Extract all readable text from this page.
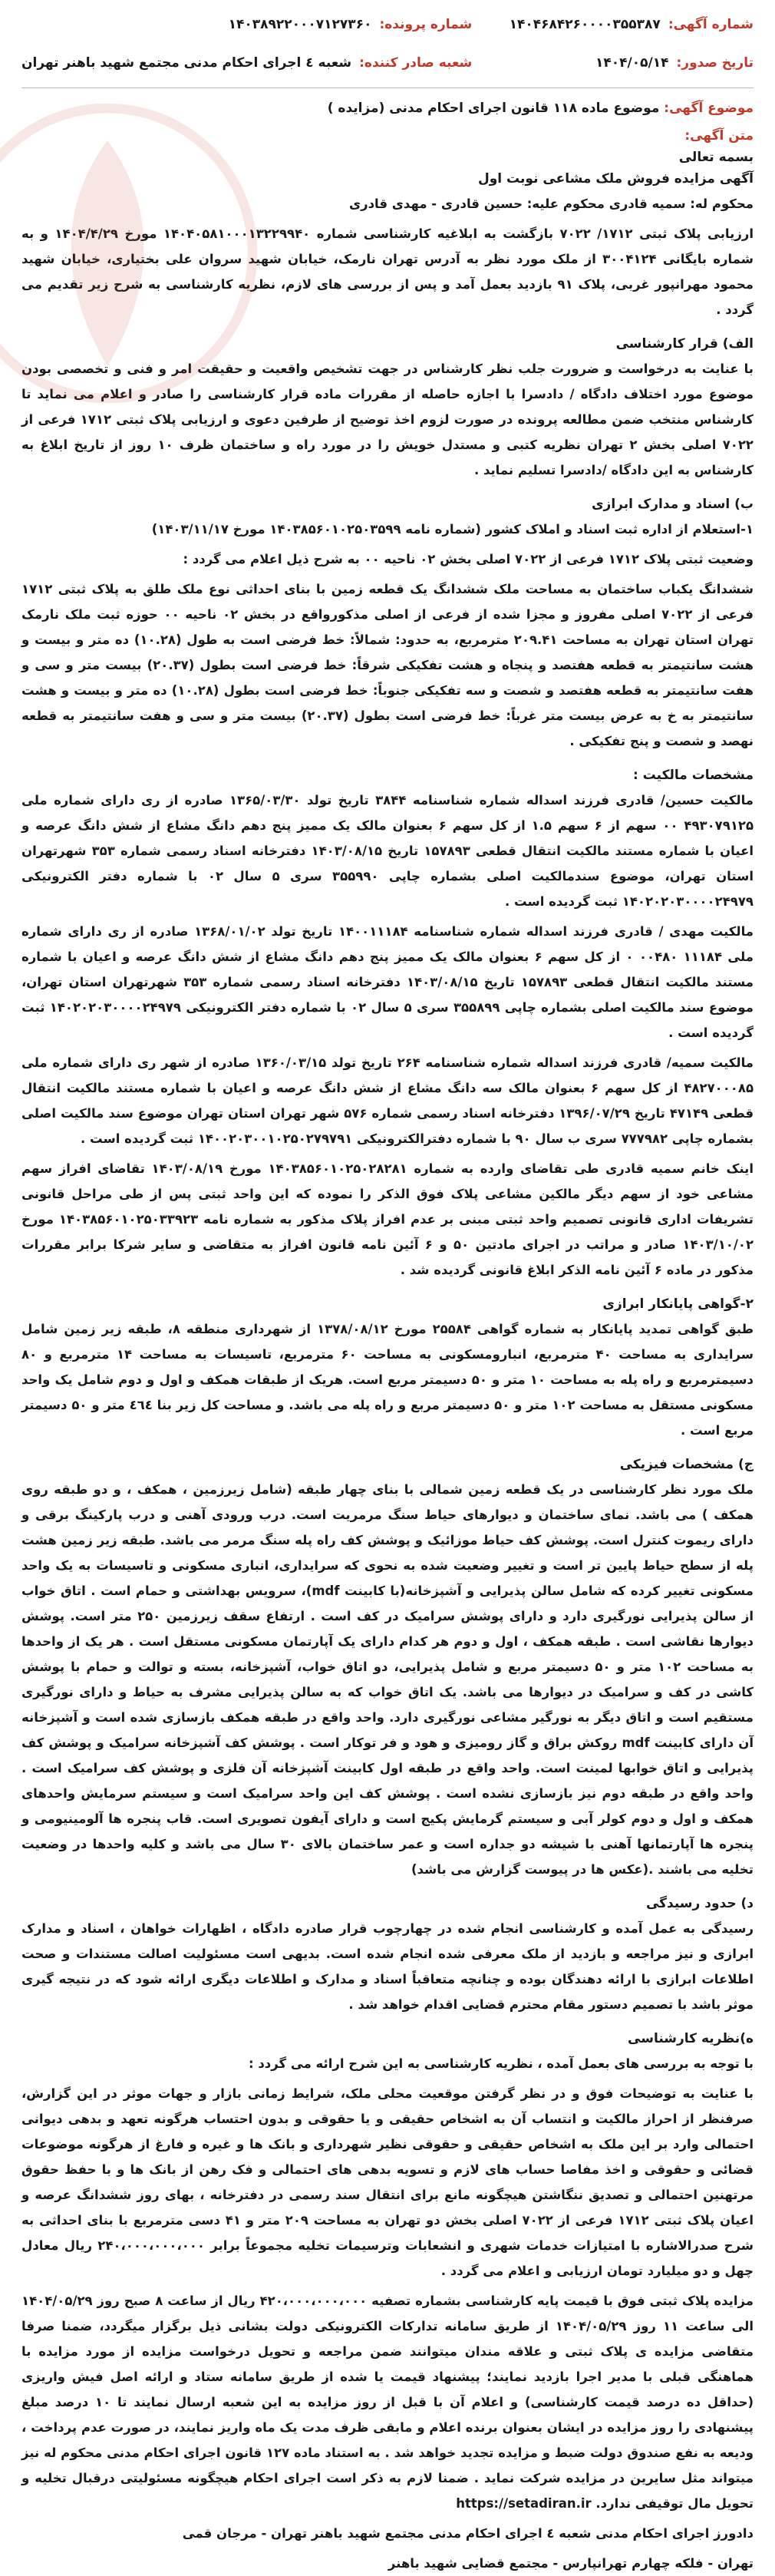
شماره آگهی:
۱۴۰۴۶۸۴۲۶۰۰۰۰۳۵۵۳۸۷
تاریخ صدور:
۱۴۰۴/۰۵/۱۴
شماره پرونده:
۱۴۰۳۸۹۲۲۰۰۰۷۱۲۷۳۶۰
شعبه صادر کننده:
شعبه ٤ اجرای احکام مدنی مجتمع شهید باهنر تهران
موضوع آگهی: موضوع ماده ۱۱۸ قانون اجرای احکام مدنی (مزایده )
متن آگهی:
بسمه تعالی
آگهی مزایده فروش ملک مشاعی نوبت اول
محکوم له: سمیه قادری محکوم علیه: حسین قادری - مهدی قادری

ارزیابی پلاک ثبتی ۱۷۱۲/ ۷۰۲۲ بازگشت به ابلاغیه کارشناسی شماره ۱۴۰۴۰۵۸۱۰۰۰۱۳۲۲۹۹۴۰ مورخ ۱۴۰۴/۴/۲۹ و به شماره بایگانی ۳۰۰۴۱۲۴ از ملک مورد نظر به آدرس تهران نارمک، خیابان شهید سروان علی بختیاری، خیابان شهید محمود مهرانپور غربی، پلاک ۹۱ بازدید بعمل آمد و پس از بررسی های لازم، نظریه کارشناسی به شرح زیر تقدیم می گردد .

الف) قرار کارشناسی

با عنایت به درخواست و ضرورت جلب نظر کارشناس در جهت تشخیص واقعیت و حقیقت امر و فنی و تخصصی بودن موضوع مورد اختلاف دادگاه / دادسرا با اجازه حاصله از مقررات ماده قرار کارشناسی را صادر و اعلام می نماید تا کارشناس منتخب ضمن مطالعه پرونده در صورت لزوم اخذ توضیح از طرفین دعوی و ارزیابی پلاک ثبتی ۱۷۱۲ فرعی از ۷۰۲۲ اصلی بخش ۲ تهران نظریه کتبی و مستدل خویش را در مورد راه و ساختمان ظرف ۱۰ روز از تاریخ ابلاغ به کارشناس به این دادگاه /دادسرا تسلیم نماید .

ب) اسناد و مدارک ابرازی

۱-استعلام از اداره ثبت اسناد و املاک کشور (شماره نامه ۱۴۰۳۸۵۶۰۱۰۲۵۰۳۵۹۹ مورخ ۱۴۰۳/۱۱/۱۷)

وضعیت ثبتی پلاک ۱۷۱۲ فرعی از ۷۰۲۲ اصلی بخش ۰۲ ناحیه ۰۰ به شرح ذیل اعلام می گردد :

ششدانگ یکباب ساختمان به مساحت ملک ششدانگ یک قطعه زمین با بنای احداثی نوع ملک طلق به پلاک ثبتی ۱۷۱۲ فرعی از ۷۰۲۲ اصلی مفروز و مجزا شده از فرعی از اصلی مذکورواقع در بخش ۰۲ ناحیه ۰۰ حوزه ثبت ملک نارمک تهران استان تهران به مساحت ۲۰۹.۴۱ مترمربع، به حدود: شمالاً: خط فرضی است به طول (۱۰.۲۸) ده متر و بیست و هشت سانتیمتر به قطعه هفتصد و پنجاه و هشت تفکیکی شرقاً: خط فرضی است بطول (۲۰.۳۷) بیست متر و سی و هفت سانتیمتر به قطعه هفتصد و شصت و سه تفکیکی جنوباً: خط فرضی است بطول (۱۰.۲۸) ده متر و بیست و هشت سانتیمتر به خ به عرض بیست متر غرباً: خط فرضی است بطول (۲۰.۳۷) بیست متر و سی و هفت سانتیمتر به قطعه نهصد و شصت و پنج تفکیکی .

مشخصات مالکیت :

مالکیت حسین/ قادری فرزند اسداله شماره شناسنامه ۳۸۴۴ تاریخ تولد ۱۳۶۵/۰۳/۳۰ صادره از ری دارای شماره ملی ۴۹۳۰۷۹۱۲۵ ۰۰ سهم از ۶ سهم ۱.۵ از کل سهم ۶ بعنوان مالک یک ممیز پنج دهم دانگ مشاع از شش دانگ عرصه و اعیان با شماره مستند مالکیت انتقال قطعی ۱۵۷۸۹۳ تاریخ ۱۴۰۳/۰۸/۱۵ دفترخانه اسناد رسمی شماره ۳۵۳ شهرتهران استان تهران، موضوع سندمالکیت اصلی بشماره چاپی ۳۵۵۹۹۰ سری ۵ سال ۰۲ با شماره دفتر الکترونیکی ۱۴۰۲۰۲۰۳۰۰۰۰۲۴۹۷۹ ثبت گردیده است .

مالکیت مهدی / قادری فرزند اسداله شماره شناسنامه ۱۴۰۰۱۱۱۸۴ تاریخ تولد ۱۳۶۸/۰۱/۰۲ صادره از ری دارای شماره ملی ۱۱۱۸۴ ۰۰۴۸۰ ۰ از کل سهم ۶ بعنوان مالک یک ممیز پنج دهم دانگ مشاع از شش دانگ عرصه و اعیان با شماره مستند مالکیت انتقال قطعی ۱۵۷۸۹۳ تاریخ ۱۴۰۳/۰۸/۱۵ دفترخانه اسناد رسمی شماره ۳۵۳ شهرتهران استان تهران، موضوع سند مالکیت اصلی بشماره چاپی ۳۵۵۸۹۹ سری ۵ سال ۰۲ با شماره دفتر الکترونیکی ۱۴۰۲۰۲۰۳۰۰۰۰۲۴۹۷۹ ثبت گردیده است .

مالکیت سمیه/ قادری فرزند اسداله شماره شناسنامه ۲۶۴ تاریخ تولد ۱۳۶۰/۰۳/۱۵ صادره از شهر ری دارای شماره ملی ۴۸۲۷۰۰۰۸۵ از کل سهم ۶ بعنوان مالک سه دانگ مشاع از شش دانگ عرصه و اعیان با شماره مستند مالکیت انتقال قطعی ۴۷۱۴۹ تاریخ ۱۳۹۶/۰۷/۲۹ دفترخانه اسناد رسمی شماره ۵۷۶ شهر تهران استان تهران موضوع سند مالکیت اصلی بشماره چاپی ۷۷۷۹۸۲ سری ب سال ۹۰ با شماره دفترالکترونیکی ۱۴۰۰۲۰۳۰۰۱۰۲۵۰۲۷۹۷۹۱ ثبت گردیده است .

اینک خانم سمیه قادری طی تقاضای وارده به شماره ۱۴۰۳۸۵۶۰۱۰۲۵۰۲۸۲۸۱ مورخ ۱۴۰۳/۰۸/۱۹ تقاضای افراز سهم مشاعی خود از سهم دیگر مالکین مشاعی پلاک فوق الذکر را نموده که این واحد ثبتی پس از طی مراحل قانونی تشریفات اداری قانونی تصمیم واحد ثبتی مبنی بر عدم افراز پلاک مذکور به شماره نامه ۱۴۰۳۸۵۶۰۱۰۲۵۰۳۳۹۲۳ مورخ ۱۴۰۳/۱۰/۰۲ صادر و مراتب در اجرای مادتین ۵۰ و ۶ آئین نامه قانون افراز به متقاضی و سایر شرکا برابر مقررات مذکور در ماده ۶ آئین نامه الذکر ابلاغ قانونی گردیده شد .

۲-گواهی پایانکار ابرازی

طبق گواهی تمدید پایانکار به شماره گواهی ۲۵۵۸۴ مورخ ۱۳۷۸/۰۸/۱۲ از شهرداری منطقه ۸، طبقه زیر زمین شامل سرایداری به مساحت ۴۰ مترمربع، انبارومسکونی به مساحت ۶۰ مترمربع، تاسیسات به مساحت ۱۴ مترمربع و ۸۰ دسیمترمربع و راه پله به مساحت ۱۰ متر و ۵۰ دسیمتر مربع است. هریک از طبقات همکف و اول و دوم شامل یک واحد مسکونی مستقل به مساحت ۱۰۲ متر و ۵۰ دسیمتر مربع و راه پله می باشد. و مساحت کل زیر بنا ٤٦٤ متر و ۵۰ دسیمتر مربع است .

ج) مشخصات فیزیکی

ملک مورد نظر کارشناسی در یک قطعه زمین شمالی با بنای چهار طبقه (شامل زیرزمین ، همکف ، و دو طبقه روی همکف ) می باشد. نمای ساختمان و دیوارهای حیاط سنگ مرمریت است. درب ورودی آهنی و درب پارکینگ برقی و دارای ریموت کنترل است. پوشش کف حیاط موزائیک و پوشش کف راه پله سنگ مرمر می باشد. طبقه زیر زمین هشت پله از سطح حیاط پایین تر است و تغییر وضعیت شده به نحوی که سرایداری، انباری مسکونی و تاسیسات به یک واحد مسکونی تغییر کرده که شامل سالن پذیرایی و آشپزخانه(با کابینت mdf)، سرویس بهداشتی و حمام است . اتاق خواب از سالن پذیرایی نورگیری دارد و دارای پوشش سرامیک در کف است . ارتفاع سقف زیرزمین ۲۵۰ متر است. پوشش دیوارها نقاشی است . طبقه همکف ، اول و دوم هر کدام دارای یک آپارتمان مسکونی مستقل است . هر یک از واحدها به مساحت ۱۰۲ متر و ۵۰ دسیمتر مربع و شامل پذیرایی، دو اتاق خواب، آشپزخانه، بسته و توالت و حمام با پوشش کاشی در کف و سرامیک در دیوارها می باشد. یک اتاق خواب که به سالن پذیرایی مشرف به حیاط و دارای نورگیری مستقیم است و اتاق دیگر به نورگیر مشاعی نورگیری دارد. واحد واقع در طبقه همکف بازسازی شده است و آشپزخانه آن دارای کابینت mdf روکش براق و گاز رومیزی و هود و فر توکار است . پوشش کف آشپزخانه سرامیک و پوشش کف پذیرایی و اتاق خوابها لمینت است. واحد واقع در طبقه اول کابینت آشپزخانه آن فلزی و پوشش کف سرامیک است . واحد واقع در طبقه دوم نیز بازسازی نشده است . پوشش کف این واحد سرامیک است و سیستم سرمایش واحدهای همکف و اول و دوم کولر آبی و سیستم گرمایش پکیج است و دارای آیفون تصویری است. قاب پنجره ها آلومینیومی و پنجره ها آپارتمانها آهنی با شیشه دو جداره است و عمر ساختمان بالای ۳۰ سال می باشد و کلیه واحدها در وضعیت تخلیه می باشند .(عکس ها در پیوست گزارش می باشد)

د) حدود رسیدگی

رسیدگی به عمل آمده و کارشناسی انجام شده در چهارچوب قرار صادره دادگاه ، اظهارات خواهان ، اسناد و مدارک ابرازی و نیز مراجعه و بازدید از ملک معرفی شده انجام شده است. بدیهی است مسئولیت اصالت مستندات و صحت اطلاعات ابرازی با ارائه دهندگان بوده و چنانچه متعاقباً اسناد و مدارک و اطلاعات دیگری ارائه شود که در نتیجه گیری موثر باشد با تصمیم دستور مقام محترم قضایی اقدام خواهد شد .

ه)نظریه کارشناسی
با توجه به بررسی های بعمل آمده ، نظریه کارشناسی به این شرح ارائه می گردد :

با عنایت به توضیحات فوق و در نظر گرفتن موقعیت محلی ملک، شرایط زمانی بازار و جهات موثر در این گزارش، صرفنظر از احراز مالکیت و انتساب آن به اشخاص حقیقی و یا حقوقی و بدون احتساب هرگونه تعهد و بدهی دیوانی احتمالی وارد بر این ملک به اشخاص حقیقی و حقوقی نظیر شهرداری و بانک ها و غیره و فارغ از هرگونه موضوعات قضائی و حقوقی و اخذ مفاصا حساب های لازم و تسویه بدهی های احتمالی و فک رهن از بانک ها و با حفظ حقوق مرتهنین احتمالی و تصدیق ننگاشتن هیچگونه مانع برای انتقال سند رسمی در دفترخانه ، بهای روز ششدانگ عرصه و اعیان پلاک ثبتی ۱۷۱۲ فرعی از ۷۰۲۲ اصلی بخش دو تهران به مساحت ۲۰۹ متر و ۴۱ دسی مترمربع با بنای احداثی به شرح صدرالاشاره با امتیازات خدمات شهری و انشعابات وترسیمات تخلیه مجموعاً برابر ۲۴۰،۰۰۰،۰۰۰،۰۰۰ ریال معادل چهل و دو میلیارد تومان ارزیابی و اعلام می گردد .

مزایده پلاک ثبتی فوق با قیمت پایه کارشناسی بشماره تصفیه ۴۲۰،۰۰۰،۰۰۰،۰۰۰ ریال از ساعت ۸ صبح روز ۱۴۰۴/۰۵/۲۹ الی ساعت ۱۱ روز ۱۴۰۴/۰۵/۲۹ از طریق سامانه تدارکات الکترونیکی دولت بشانی ذیل برگزار میگردد، ضمنا صرفا متقاضی مزایده ی پلاک ثبتی و علاقه مندان میتوانند ضمن مراجعه و تحویل درخواست مزایده از مورد مزایده با هماهنگی قبلی با مدیر اجرا بازدید نمایند؛ پیشنهاد قیمت یا شده از طریق سامانه ستاد و ارائه اصل فیش واریزی (حداقل ده درصد قیمت کارشناسی) و اعلام آن با قبل از روز مزایده به این شعبه ارسال نمایند تا ۱۰ درصد مبلغ پیشنهادی را روز مزایده در ایشان بعنوان برنده اعلام و مابقی ظرف مدت یک ماه واریز نمایند، در صورت عدم پرداخت ، ودیعه به نفع صندوق دولت ضبط و مزایده تجدید خواهد شد . به استناد ماده ۱۲۷ قانون اجرای احکام مدنی محکوم له نیز میتواند مثل سایرین در مزایده شرکت نماید . ضمنا لازم به ذکر است اجرای احکام هیچگونه مسئولیتی درقبال تخلیه و تحویل مال توقیفی ندارد. https://setadiran.ir

دادورز اجرای احکام مدنی شعبه ٤ اجرای احکام مدنی مجتمع شهید باهنر تهران - مرجان قمی
تهران - فلکه چهارم تهرانپارس - مجتمع قضایی شهید باهنر
